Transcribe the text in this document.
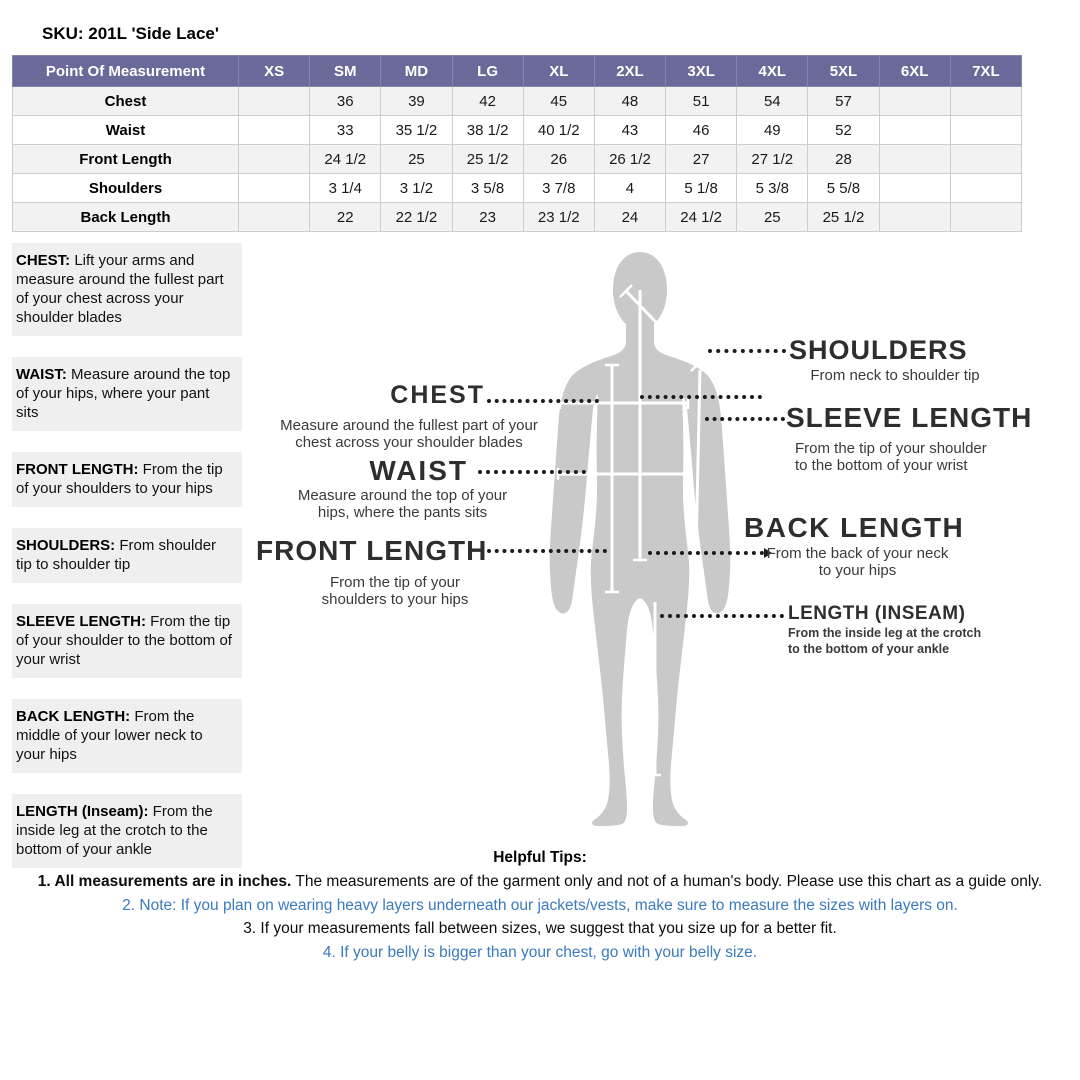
SKU: 201L 'Side Lace'
Point Of Measurement	XS	SM	MD	LG	XL	2XL	3XL	4XL	5XL	6XL	7XL
Chest		36	39	42	45	48	51	54	57		
Waist		33	35 1/2	38 1/2	40 1/2	43	46	49	52		
Front Length		24 1/2	25	25 1/2	26	26 1/2	27	27 1/2	28		
Shoulders		3 1/4	3 1/2	3 5/8	3 7/8	4	5 1/8	5 3/8	5 5/8		
Back Length		22	22 1/2	23	23 1/2	24	24 1/2	25	25 1/2		
CHEST: Lift your arms and measure around the fullest part of your chest across your shoulder blades
WAIST: Measure around the top of your hips, where your pant sits
FRONT LENGTH: From the tip of your shoulders to your hips
SHOULDERS: From shoulder tip to shoulder tip
SLEEVE LENGTH: From the tip of your shoulder to the bottom of your wrist
BACK LENGTH: From the middle of your lower neck to your hips
LENGTH (Inseam): From the inside leg at the crotch to the bottom of your ankle
CHEST
Measure around the fullest part of your chest across your shoulder blades
WAIST
Measure around the top of your hips, where the pants sits
FRONT LENGTH
From the tip of your shoulders to your hips
SHOULDERS
From neck to shoulder tip
SLEEVE LENGTH
From the tip of your shoulder to the bottom of your wrist
BACK LENGTH
From the back of your neck to your hips
LENGTH (INSEAM)
From the inside leg at the crotch to the bottom of your ankle
Helpful Tips:
1. All measurements are in inches. The measurements are of the garment only and not of a human's body. Please use this chart as a guide only.
2. Note: If you plan on wearing heavy layers underneath our jackets/vests, make sure to measure the sizes with layers on.
3. If your measurements fall between sizes, we suggest that you size up for a better fit.
4. If your belly is bigger than your chest, go with your belly size.
